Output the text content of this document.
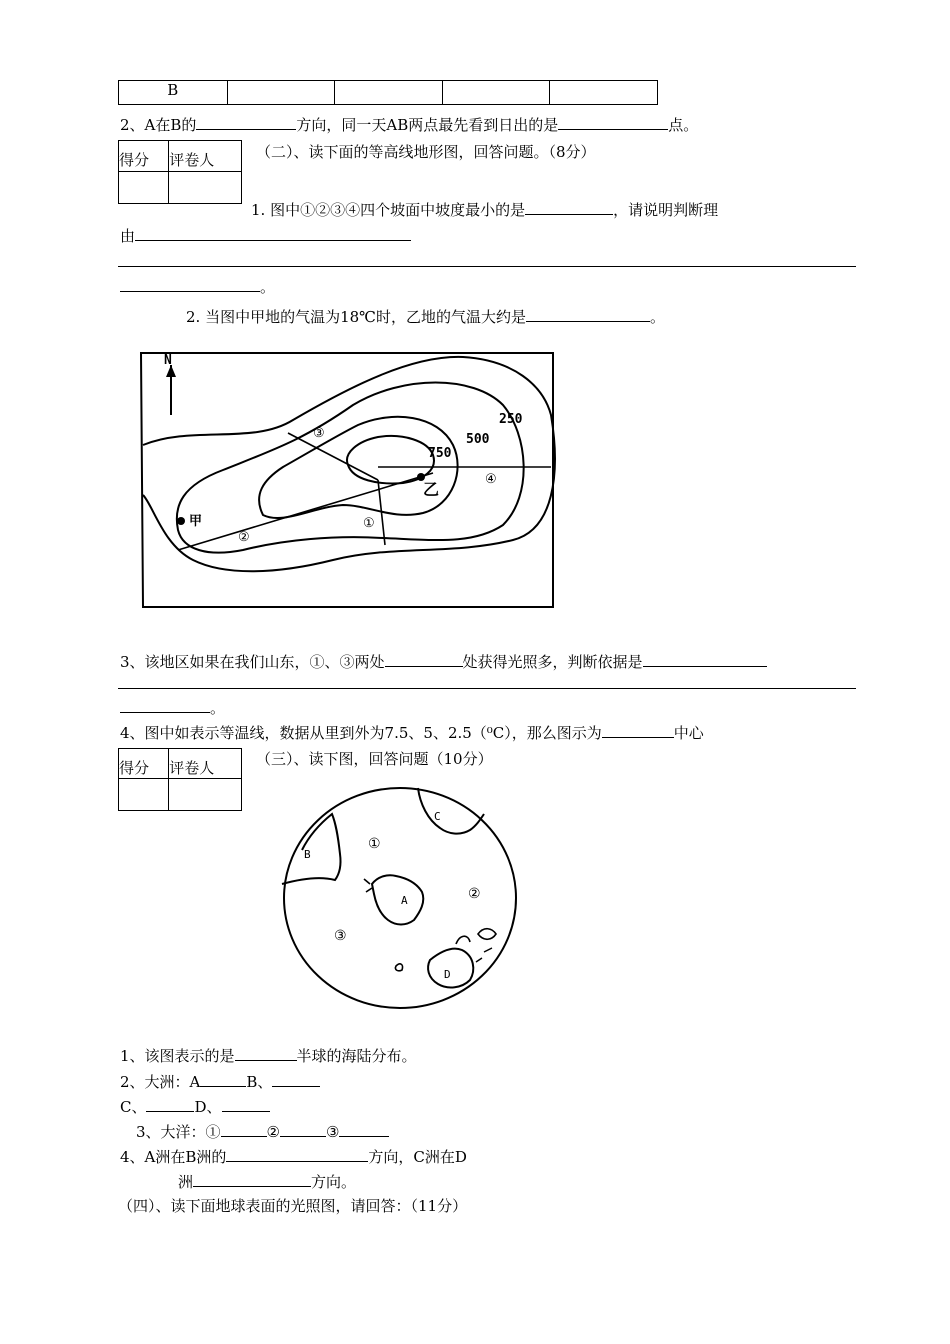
B				
2、A在B的	方向，同一天AB两点最先看到日出的是	点。
得分	评卷人
		（二）、读下面的等高线地形图，回答问题。（8分）
1. 图中①②③④四个坡面中坡度最小的是	，请说明判断理
由
。
2. 当图中甲地的气温为18℃时，乙地的气温大约是	。
N
甲
乙
750
500
250
①
②
③
④
3、该地区如果在我们山东，①、③两处	处获得光照多，判断依据是
。
4、图中如表示等温线，数据从里到外为7.5、5、2.5（⁰C），那么图示为	中心
得分	评卷人
		（三）、读下图，回答问题（10分）
A
B
C
D
①
②
③
1、该图表示的是	半球的海陆分布。
2、大洲：A	B、
C、	D、
3、大洋：①	②	③
4、A洲在B洲的	方向，C洲在D
洲	方向。
（四）、读下面地球表面的光照图，请回答：（11分）
